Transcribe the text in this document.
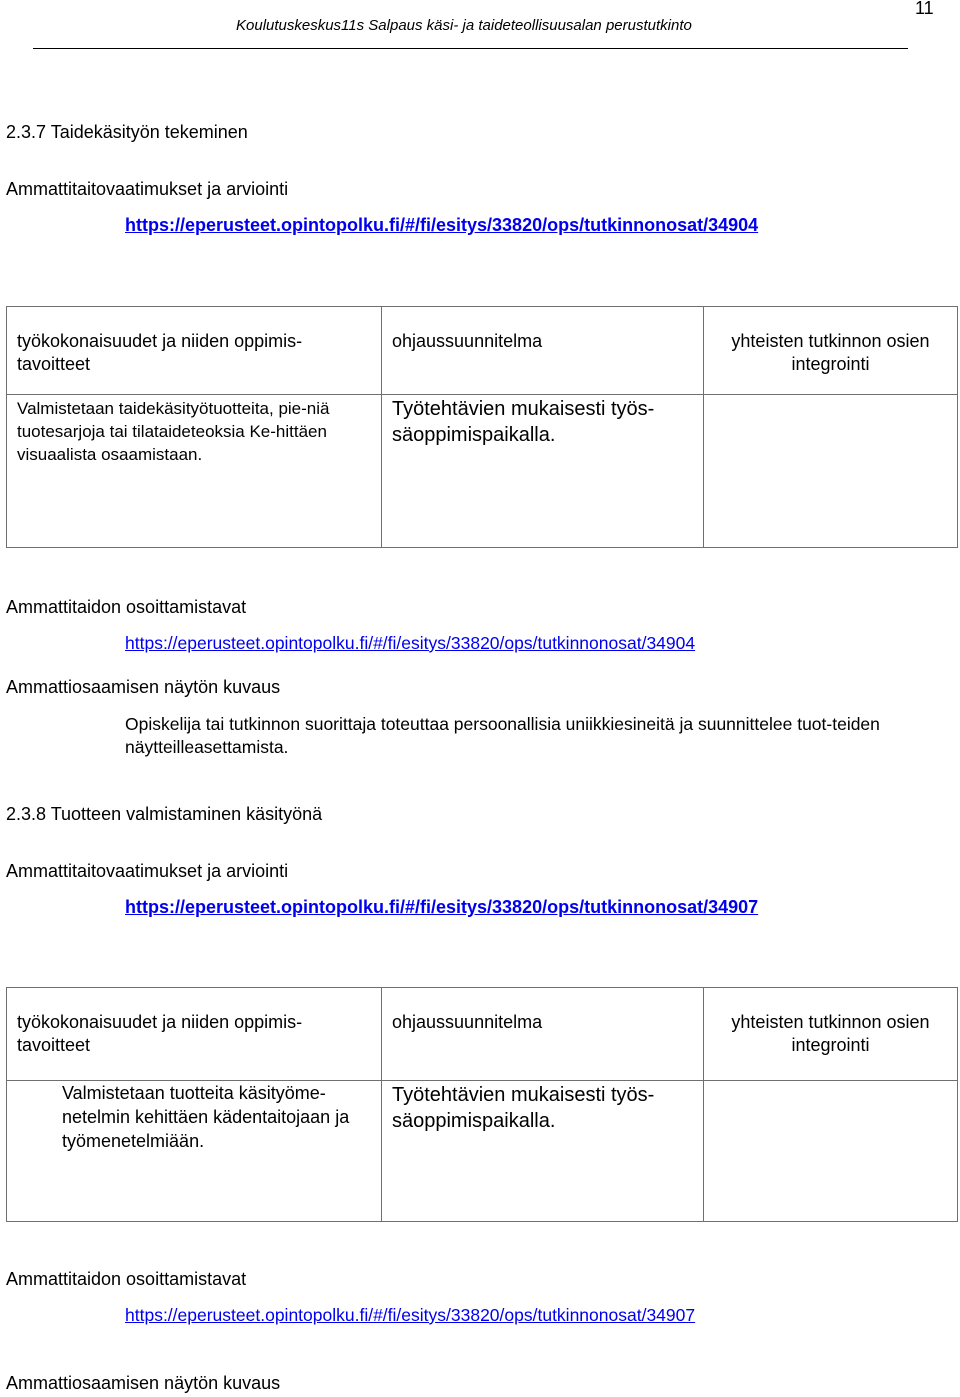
11
Koulutuskeskus11s Salpaus käsi- ja taideteollisuusalan perustutkinto
2.3.7 Taidekäsityön tekeminen
Ammattitaitovaatimukset ja arviointi
https://eperusteet.opintopolku.fi/#/fi/esitys/33820/ops/tutkinnonosat/34904
työkokonaisuudet ja niiden oppimis-tavoitteet	ohjaussuunnitelma	yhteisten tutkinnon osien integrointi

Valmistetaan taidekäsityötuotteita, pie-niä tuotesarjoja tai tilataideteoksia Ke-hittäen visuaalista osaamistaan.	Työtehtävien mukaisesti työs-säoppimispaikalla.	

Ammattitaidon osoittamistavat
https://eperusteet.opintopolku.fi/#/fi/esitys/33820/ops/tutkinnonosat/34904
Ammattiosaamisen näytön kuvaus
Opiskelija tai tutkinnon suorittaja toteuttaa persoonallisia uniikkiesineitä ja suunnittelee tuot-teiden näytteilleasettamista.
2.3.8 Tuotteen valmistaminen käsityönä
Ammattitaitovaatimukset ja arviointi
https://eperusteet.opintopolku.fi/#/fi/esitys/33820/ops/tutkinnonosat/34907
työkokonaisuudet ja niiden oppimis-tavoitteet	ohjaussuunnitelma	yhteisten tutkinnon osien integrointi

Valmistetaan tuotteita käsityöme-netelmin kehittäen kädentaitojaan ja työmenetelmiään.	Työtehtävien mukaisesti työs-säoppimispaikalla.	

Ammattitaidon osoittamistavat
https://eperusteet.opintopolku.fi/#/fi/esitys/33820/ops/tutkinnonosat/34907
Ammattiosaamisen näytön kuvaus
